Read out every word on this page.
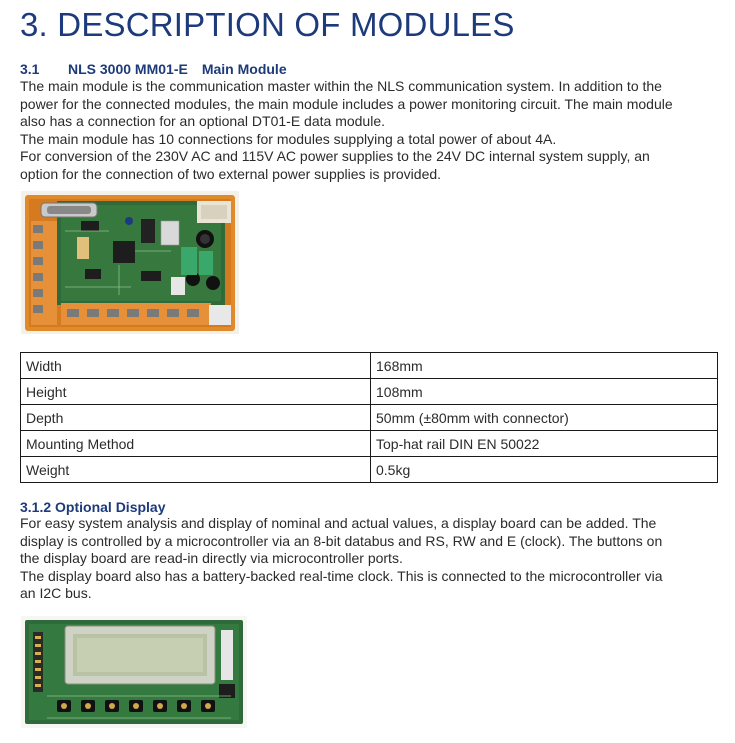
3. DESCRIPTION OF MODULES
3.1 NLS 3000 MM01-E Main Module

The main module is the communication master within the NLS communication system. In addition to the
power for the connected modules, the main module includes a power monitoring circuit. The main module
also has a connection for an optional DT01-E data module.
The main module has 10 connections for modules supplying a total power of about 4A.
For conversion of the 230V AC and 115V AC power supplies to the 24V DC internal system supply, an
option for the connection of two external power supplies is provided.

Width	168mm
Height	108mm
Depth	50mm (±80mm with connector)
Mounting Method	Top-hat rail DIN EN 50022
Weight	0.5kg
3.1.2 Optional Display

For easy system analysis and display of nominal and actual values, a display board can be added. The
display is controlled by a microcontroller via an 8-bit databus and RS, RW and E (clock). The buttons on
the display board are read-in directly via microcontroller ports.
The display board also has a battery-backed real-time clock. This is connected to the microcontroller via
an I2C bus.
